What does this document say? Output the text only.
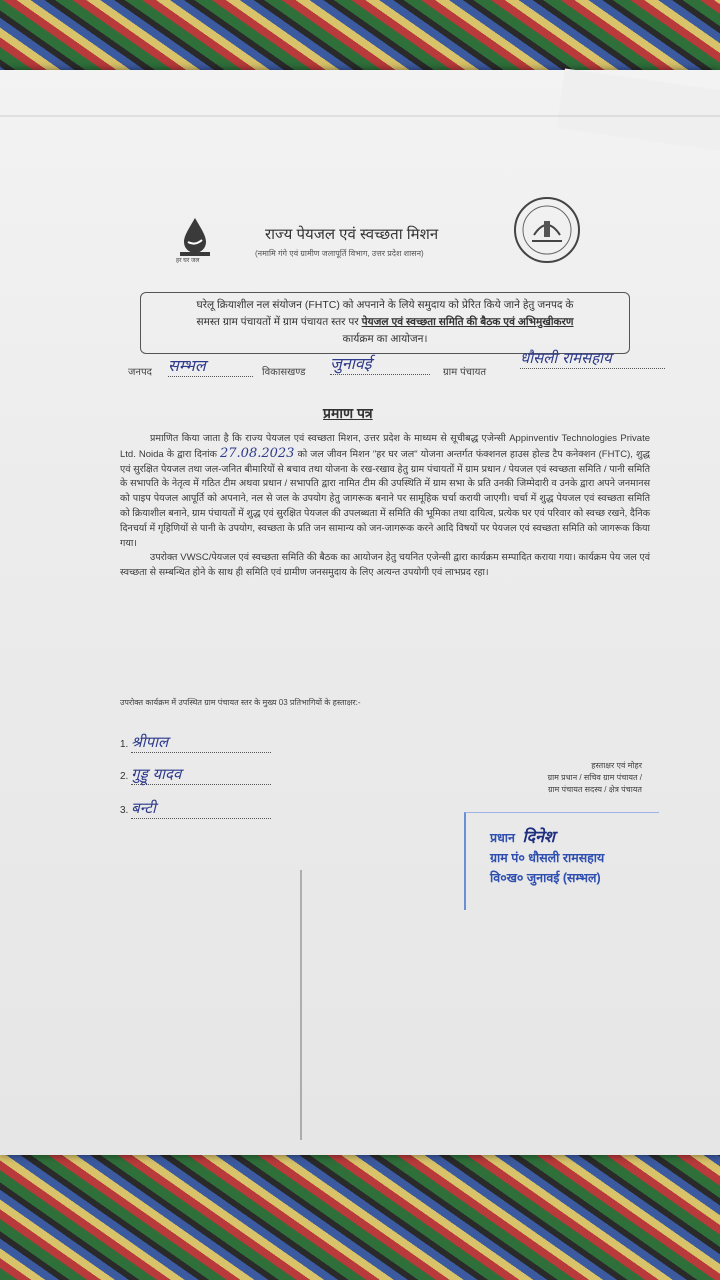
हर घर जल
राज्य पेयजल एवं स्वच्छता मिशन
(नमामि गंगे एवं ग्रामीण जलापूर्ति विभाग, उत्तर प्रदेश शासन)
घरेलू क्रियाशील नल संयोजन (FHTC) को अपनाने के लिये समुदाय को प्रेरित किये जाने हेतु जनपद के
समस्त ग्राम पंचायतों में ग्राम पंचायत स्तर पर पेयजल एवं स्वच्छता समिति की बैठक एवं अभिमुखीकरण
कार्यक्रम का आयोजन।
जनपद सम्भल	विकासखण्ड जुनावई	ग्राम पंचायत
धौसली रामसहाय
प्रमाण पत्र

प्रमाणित किया जाता है कि राज्य पेयजल एवं स्वच्छता मिशन, उत्तर प्रदेश के माध्यम से सूचीबद्ध एजेन्सी Appinventiv Technologies Private Ltd. Noida के द्वारा दिनांक 27.08.2023 को जल जीवन मिशन "हर घर जल" योजना अन्तर्गत फंक्शनल हाउस होल्ड टैप कनेक्शन (FHTC), शुद्ध एवं सुरक्षित पेयजल तथा जल-जनित बीमारियों से बचाव तथा योजना के रख-रखाव हेतु ग्राम पंचायतों में ग्राम प्रधान / पेयजल एवं स्वच्छता समिति / पानी समिति के सभापति के नेतृत्व में गठित टीम अथवा प्रधान / सभापति द्वारा नामित टीम की उपस्थिति में ग्राम सभा के प्रति उनकी जिम्मेदारी व उनके द्वारा अपने जनमानस को पाइप पेयजल आपूर्ति को अपनाने, नल से जल के उपयोग हेतु जागरूक बनाने पर सामूहिक चर्चा करायी जाएगी। चर्चा में शुद्ध पेयजल एवं स्वच्छता समिति को क्रियाशील बनाने, ग्राम पंचायतों में शुद्ध एवं सुरक्षित पेयजल की उपलब्धता में समिति की भूमिका तथा दायित्व, प्रत्येक घर एवं परिवार को स्वच्छ रखने, दैनिक दिनचर्या में गृहिणियों से पानी के उपयोग, स्वच्छता के प्रति जन सामान्य को जन-जागरूक करने आदि विषयों पर पेयजल एवं स्वच्छता समिति को जागरूक किया गया।

उपरोक्त VWSC/पेयजल एवं स्वच्छता समिति की बैठक का आयोजन हेतु चयनित एजेन्सी द्वारा कार्यक्रम सम्पादित कराया गया। कार्यक्रम पेय जल एवं स्वच्छता से सम्बन्धित होने के साथ ही समिति एवं ग्रामीण जनसमुदाय के लिए अत्यन्त उपयोगी एवं लाभप्रद रहा।

उपरोक्त कार्यक्रम में उपस्थित ग्राम पंचायत स्तर के मुख्य 03 प्रतिभागियों के हस्ताक्षर:-
1. श्रीपाल
2. गुड्डू यादव
3. बन्टी
हस्ताक्षर एवं मोहर
ग्राम प्रधान / सचिव ग्राम पंचायत /
ग्राम पंचायत सदस्य / क्षेत्र पंचायत
प्रधान दिनेश
ग्राम पं० धौसली रामसहाय
वि०ख० जुनावई (सम्भल)
